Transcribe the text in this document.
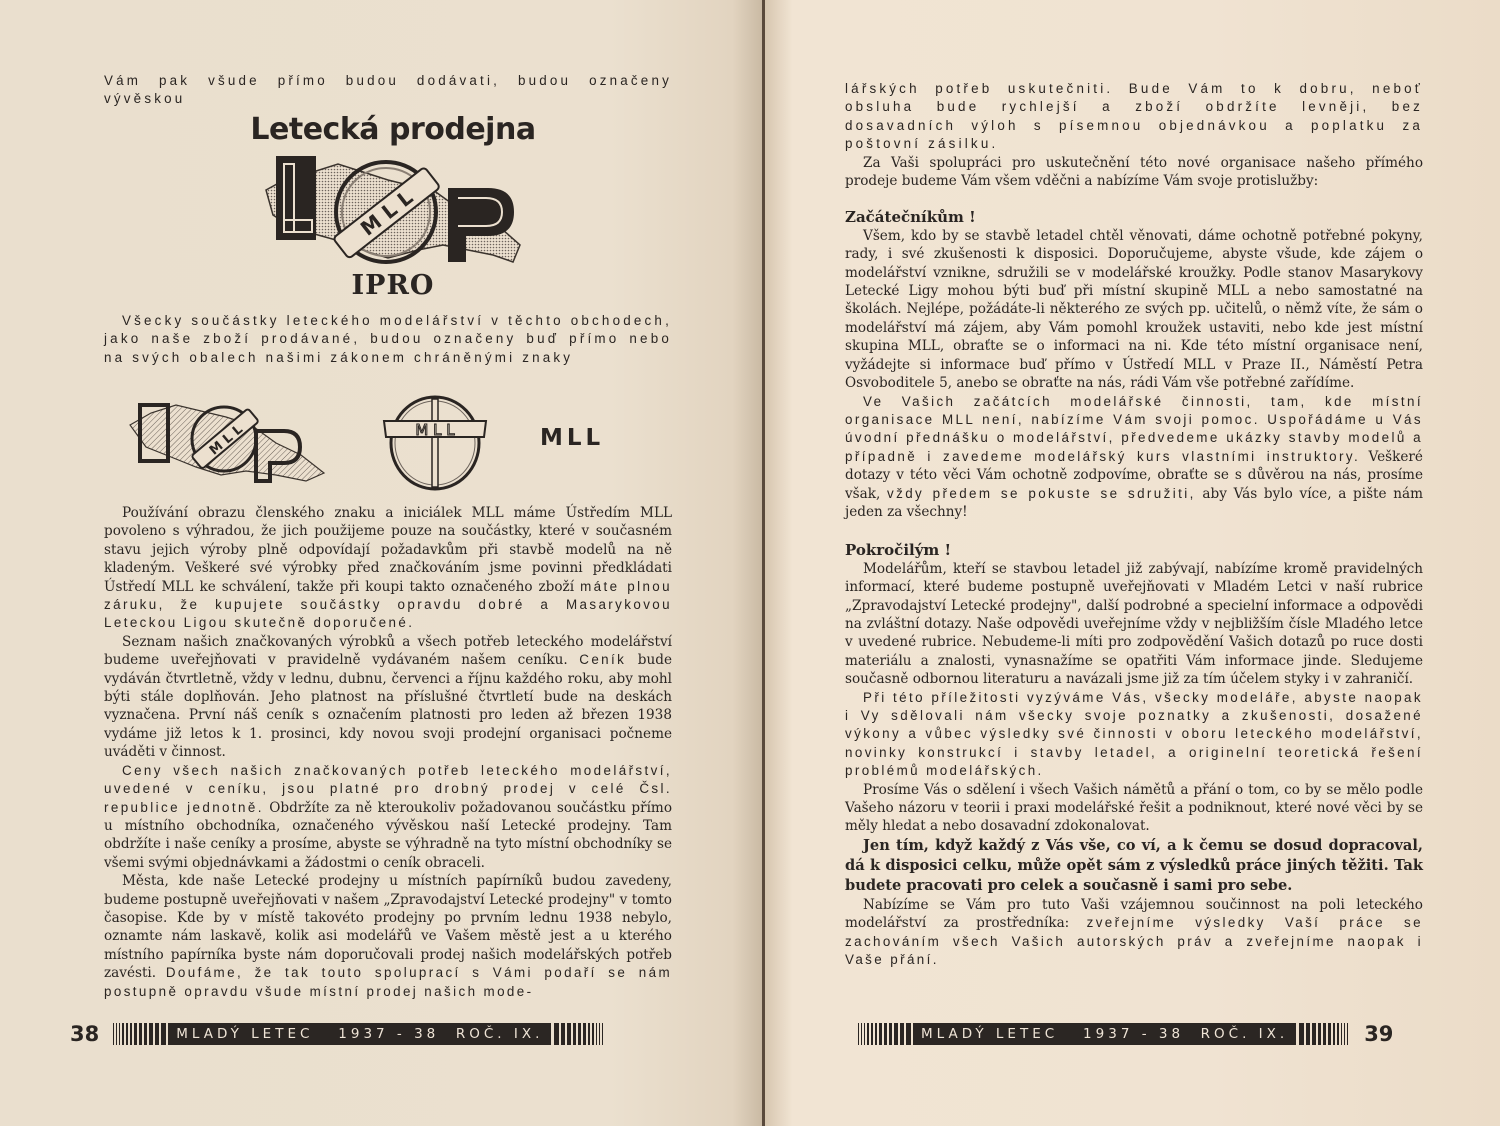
Vám pak všude přímo budou dodávati, budou označeny vývěskou

Letecká prodejna
M L L
IPRO

Všecky součástky leteckého modelářství v těchto obchodech, jako naše zboží prodávané, budou označeny buď přímo nebo na svých obalech našimi zákonem chráněnými znaky

M L L	M L L	MLL

Používání obrazu členského znaku a iniciálek MLL máme Ústředím MLL povoleno s výhradou, že jich použijeme pouze na součástky, které v současném stavu jejich výroby plně odpovídají požadavkům při stavbě modelů na ně kladeným. Veškeré své výrobky před značkováním jsme povinni předkládati Ústředí MLL ke schválení, takže při koupi takto označeného zboží máte plnou záruku, že kupujete součástky opravdu dobré a Masarykovou Leteckou Ligou skutečně doporučené.

Seznam našich značkovaných výrobků a všech potřeb leteckého modelářství budeme uveřejňovati v pravidelně vydávaném našem ceníku. Ceník bude vydáván čtvrtletně, vždy v lednu, dubnu, červenci a říjnu každého roku, aby mohl býti stále doplňován. Jeho platnost na příslušné čtvrtletí bude na deskách vyznačena. První náš ceník s označením platnosti pro leden až březen 1938 vydáme již letos k 1. prosinci, kdy novou svoji prodejní organisaci počneme uváděti v činnost.

Ceny všech našich značkovaných potřeb leteckého modelářství, uvedené v ceníku, jsou platné pro drobný prodej v celé Čsl. republice jednotně. Obdržíte za ně kteroukoliv požadovanou součástku přímo u místního obchodníka, označeného vývěskou naší Letecké prodejny. Tam obdržíte i naše ceníky a prosíme, abyste se výhradně na tyto místní obchodníky se všemi svými objednávkami a žádostmi o ceník obraceli.

Města, kde naše Letecké prodejny u místních papírníků budou zavedeny, budeme postupně uveřejňovati v našem „Zpravodajství Letecké prodejny" v tomto časopise. Kde by v místě takovéto prodejny po prvním lednu 1938 nebylo, oznamte nám laskavě, kolik asi modelářů ve Vašem městě jest a u kterého místního papírníka byste nám doporučovali prodej našich modelářských potřeb zavésti. Doufáme, že tak touto spoluprací s Vámi podaří se nám postupně opravdu všude místní prodej našich mode-

38	MLADÝ LETEC
1937 - 38
ROČ. IX.

lářských potřeb uskutečniti. Bude Vám to k dobru, neboť obsluha bude rychlejší a zboží obdržíte levněji, bez dosavadních výloh s písemnou objednávkou a poplatku za poštovní zásilku.

Za Vaši spolupráci pro uskutečnění této nové organisace našeho přímého prodeje budeme Vám všem vděčni a nabízíme Vám svoje protislužby:

Začátečníkům !

Všem, kdo by se stavbě letadel chtěl věnovati, dáme ochotně potřebné pokyny, rady, i své zkušenosti k disposici. Doporučujeme, abyste všude, kde zájem o modelářství vznikne, sdružili se v modelářské kroužky. Podle stanov Masarykovy Letecké Ligy mohou býti buď při místní skupině MLL a nebo samostatné na školách. Nejlépe, požádáte-li některého ze svých pp. učitelů, o němž víte, že sám o modelářství má zájem, aby Vám pomohl kroužek ustaviti, nebo kde jest místní skupina MLL, obraťte se o informaci na ni. Kde této místní organisace není, vyžádejte si informace buď přímo v Ústředí MLL v Praze II., Náměstí Petra Osvoboditele 5, anebo se obraťte na nás, rádi Vám vše potřebné zařídíme.

Ve Vašich začátcích modelářské činnosti, tam, kde místní organisace MLL není, nabízíme Vám svoji pomoc. Uspořádáme u Vás úvodní přednášku o modelářství, předvedeme ukázky stavby modelů a případně i zavedeme modelářský kurs vlastními instruktory. Veškeré dotazy v této věci Vám ochotně zodpovíme, obraťte se s důvěrou na nás, prosíme však, vždy předem se pokuste se sdružiti, aby Vás bylo více, a pište nám jeden za všechny!

Pokročilým !

Modelářům, kteří se stavbou letadel již zabývají, nabízíme kromě pravidelných informací, které budeme postupně uveřejňovati v Mladém Letci v naší rubrice „Zpravodajství Letecké prodejny", další podrobné a specielní informace a odpovědi na zvláštní dotazy. Naše odpovědi uveřejníme vždy v nejbližším čísle Mladého letce v uvedené rubrice. Nebudeme-li míti pro zodpovědění Vašich dotazů po ruce dosti materiálu a znalosti, vynasnažíme se opatřiti Vám informace jinde. Sledujeme současně odbornou literaturu a navázali jsme již za tím účelem styky i v zahraničí.

Při této příležitosti vyzýváme Vás, všecky modeláře, abyste naopak i Vy sdělovali nám všecky svoje poznatky a zkušenosti, dosažené výkony a vůbec výsledky své činnosti v oboru leteckého modelářství, novinky konstrukcí i stavby letadel, a originelní teoretická řešení problémů modelářských.

Prosíme Vás o sdělení i všech Vašich námětů a přání o tom, co by se mělo podle Vašeho názoru v teorii i praxi modelářské řešit a podniknout, které nové věci by se měly hledat a nebo dosavadní zdokonalovat.

Jen tím, když každý z Vás vše, co ví, a k čemu se dosud dopracoval, dá k disposici celku, může opět sám z výsledků práce jiných těžiti. Tak budete pracovati pro celek a současně i sami pro sebe.

Nabízíme se Vám pro tuto Vaši vzájemnou součinnost na poli leteckého modelářství za prostředníka: zveřejníme výsledky Vaší práce se zachováním všech Vašich autorských práv a zveřejníme naopak i Vaše přání.

MLADÝ LETEC
1937 - 38
ROČ. IX.	39
